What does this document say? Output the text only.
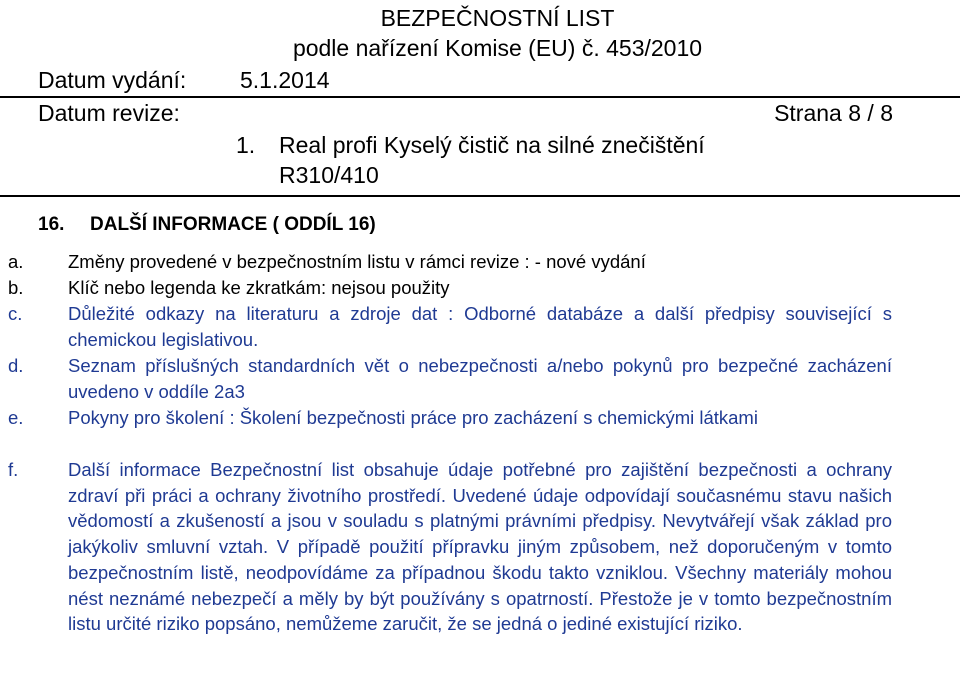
BEZPEČNOSTNÍ LIST
podle nařízení Komise (EU) č. 453/2010
Datum vydání: 5.1.2014
Datum revize:	Strana 8 / 8
1. Real profi Kyselý čistič na silné znečištění
R310/410
16. DALŠÍ INFORMACE ( ODDÍL 16)
a. Změny provedené v bezpečnostním listu v rámci revize : - nové vydání
b. Klíč nebo legenda ke zkratkám: nejsou použity
c. Důležité odkazy na literaturu a zdroje dat : Odborné databáze a další předpisy související s chemickou legislativou.
d. Seznam příslušných standardních vět o nebezpečnosti a/nebo pokynů pro bezpečné zacházení uvedeno v oddíle 2a3
e. Pokyny pro školení : Školení bezpečnosti práce pro zacházení s chemickými látkami
f.	Další informace Bezpečnostní list obsahuje údaje potřebné pro zajištění bezpečnosti a ochrany zdraví při práci a ochrany životního prostředí. Uvedené údaje odpovídají současnému stavu našich vědomostí a zkušeností a jsou v souladu s platnými právními předpisy. Nevytvářejí však základ pro jakýkoliv smluvní vztah. V případě použití přípravku jiným způsobem, než doporučeným v tomto bezpečnostním listě, neodpovídáme za případnou škodu takto vzniklou. Všechny materiály mohou nést neznámé nebezpečí a měly by být používány s opatrností. Přestože je v tomto bezpečnostním listu určité riziko popsáno, nemůžeme zaručit, že se jedná o jediné existující riziko.
